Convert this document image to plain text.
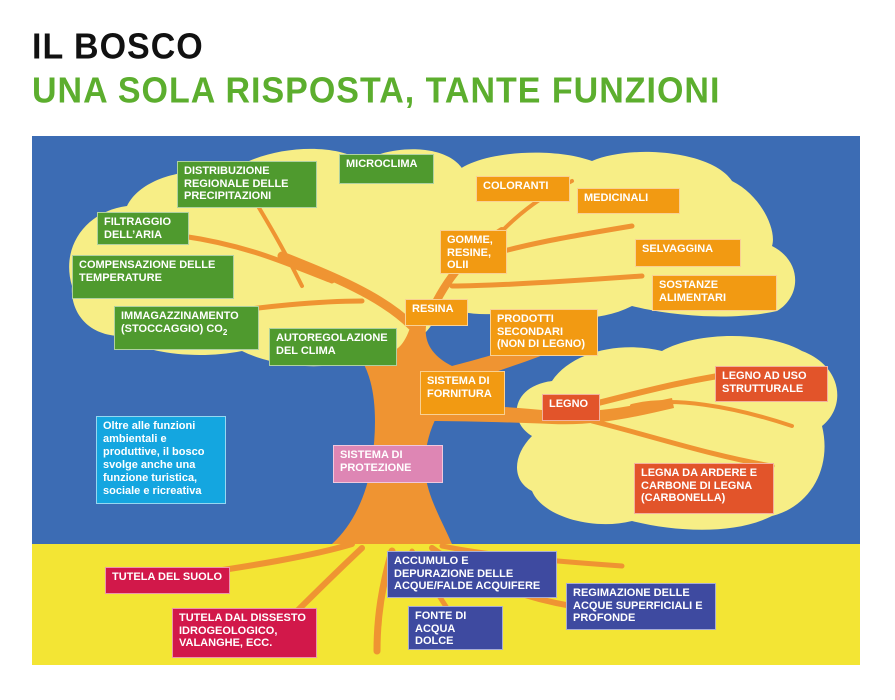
IL BOSCO
UNA SOLA RISPOSTA, TANTE FUNZIONI
DISTRIBUZIONE REGIONALE DELLE PRECIPITAZIONI
MICROCLIMA
FILTRAGGIO DELL’ARIA
COMPENSAZIONE DELLE TEMPERATURE
IMMAGAZZINAMENTO (STOCCAGGIO) $CO_2$	AUTOREGOLAZIONE DEL CLIMA
COLORANTI
MEDICINALI
GOMME, RESINE, OLII
SELVAGGINA
SOSTANZE ALIMENTARI
RESINA
PRODOTTI SECONDARI (NON DI LEGNO)
SISTEMA DI FORNITURA
LEGNO
LEGNO AD USO STRUTTURALE
LEGNA DA ARDERE E CARBONE DI LEGNA (CARBONELLA)
SISTEMA DI PROTEZIONE
Oltre alle funzioni ambientali e produttive, il bosco svolge anche una funzione turistica, sociale e ricreativa
TUTELA DEL SUOLO
TUTELA DAL DISSESTO IDROGEOLOGICO, VALANGHE, ECC.
ACCUMULO E DEPURAZIONE DELLE ACQUE/FALDE ACQUIFERE
FONTE DI ACQUA DOLCE
REGIMAZIONE DELLE ACQUE SUPERFICIALI E PROFONDE
